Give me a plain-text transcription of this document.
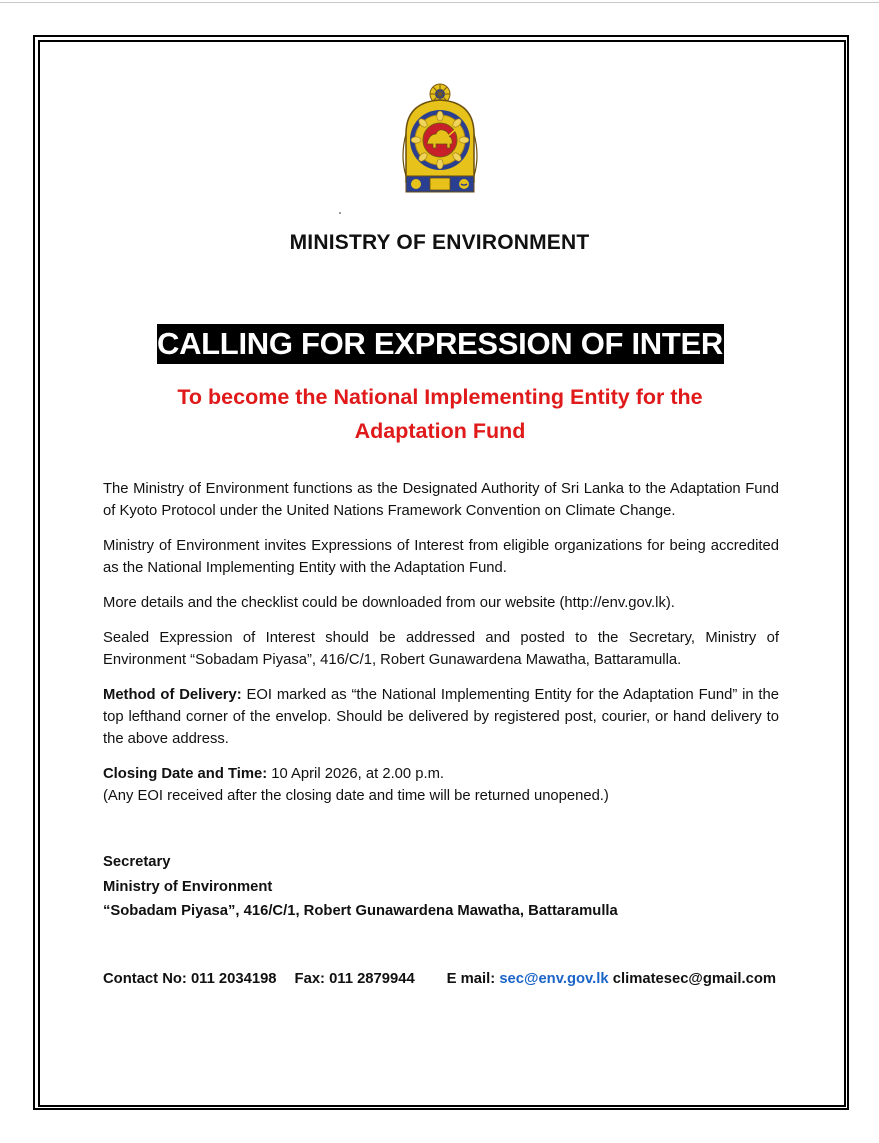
MINISTRY OF ENVIRONMENT
CALLING FOR EXPRESSION OF INTEREST
To become the National Implementing Entity for the
Adaptation Fund

The Ministry of Environment functions as the Designated Authority of Sri Lanka to the Adaptation Fund of Kyoto Protocol under the United Nations Framework Convention on Climate Change.

Ministry of Environment invites Expressions of Interest from eligible organizations for being accredited as the National Implementing Entity with the Adaptation Fund.

More details and the checklist could be downloaded from our website (http://env.gov.lk).

Sealed Expression of Interest should be addressed and posted to the Secretary, Ministry of Environment “Sobadam Piyasa”, 416/C/1, Robert Gunawardena Mawatha, Battaramulla.

Method of Delivery: EOI marked as “the National Implementing Entity for the Adaptation Fund” in the top lefthand corner of the envelop. Should be delivered by registered post, courier, or hand delivery to the above address.

Closing Date and Time: 10 April 2026, at 2.00 p.m.
(Any EOI received after the closing date and time will be returned unopened.)

Secretary
Ministry of Environment
“Sobadam Piyasa”, 416/C/1, Robert Gunawardena Mawatha, Battaramulla
Contact No: 011 2034198 Fax: 011 2879944 E mail: sec@env.gov.lk climatesec@gmail.com
